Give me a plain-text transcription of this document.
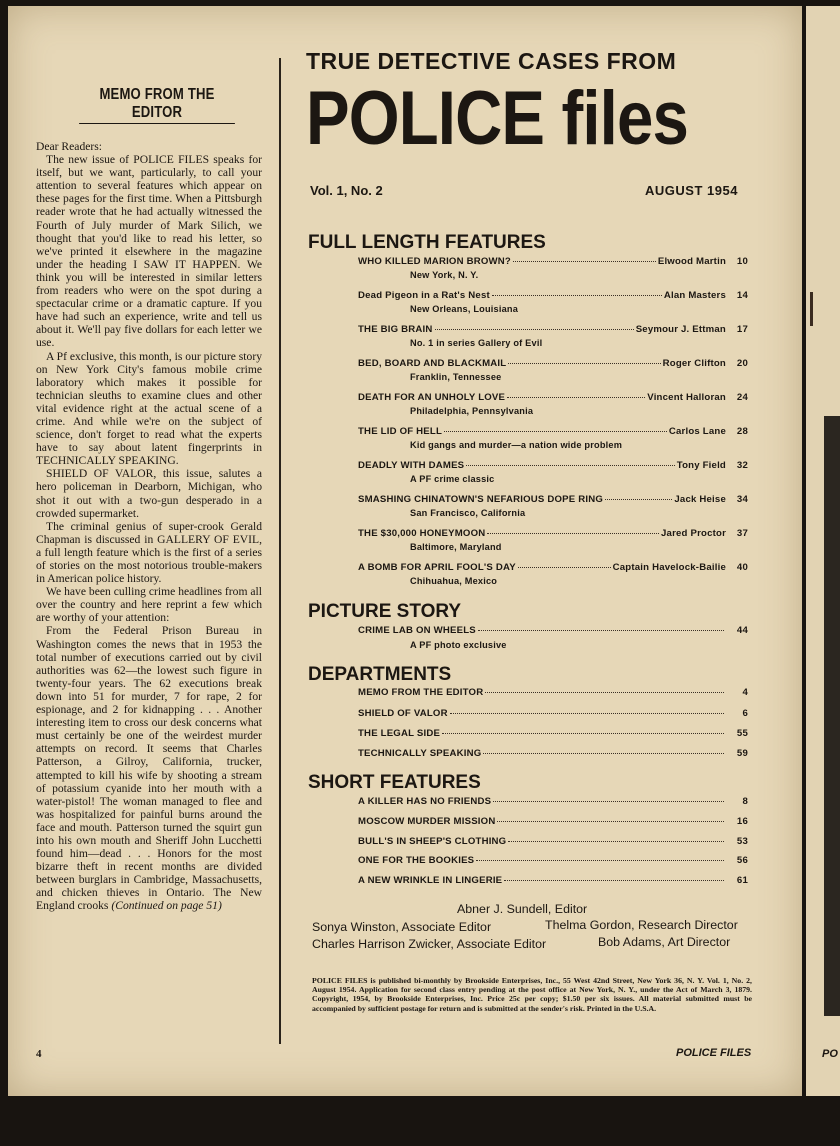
PO
MEMO FROM THE EDITOR

Dear Readers:

The new issue of POLICE FILES speaks for itself, but we want, particularly, to call your attention to several features which appear on these pages for the first time. When a Pittsburgh reader wrote that he had actually witnessed the Fourth of July murder of Mark Silich, we thought that you'd like to read his letter, so we've printed it elsewhere in the magazine under the heading I SAW IT HAPPEN. We think you will be interested in similar letters from readers who were on the spot during a spectacular crime or a dramatic capture. If you have had such an experience, write and tell us about it. We'll pay five dollars for each letter we use.

A Pf exclusive, this month, is our picture story on New York City's famous mobile crime laboratory which makes it possible for technician sleuths to examine clues and other vital evidence right at the actual scene of a crime. And while we're on the subject of science, don't forget to read what the experts have to say about latent fingerprints in TECHNICALLY SPEAKING.

SHIELD OF VALOR, this issue, salutes a hero policeman in Dearborn, Michigan, who shot it out with a two-gun desperado in a crowded supermarket.

The criminal genius of super-crook Gerald Chapman is discussed in GALLERY OF EVIL, a full length feature which is the first of a series of stories on the most notorious trouble-makers in American police history.

We have been culling crime headlines from all over the country and here reprint a few which are worthy of your attention:

From the Federal Prison Bureau in Washington comes the news that in 1953 the total number of executions carried out by civil authorities was 62—the lowest such figure in twenty-four years. The 62 executions break down into 51 for murder, 7 for rape, 2 for espionage, and 2 for kidnapping . . . Another interesting item to cross our desk concerns what must certainly be one of the weirdest murder attempts on record. It seems that Charles Patterson, a Gilroy, California, trucker, attempted to kill his wife by shooting a stream of potassium cyanide into her mouth with a water-pistol! The woman managed to flee and was hospitalized for painful burns around the face and mouth. Patterson turned the squirt gun into his own mouth and Sheriff John Lucchetti found him—dead . . . Honors for the most bizarre theft in recent months are divided between burglars in Cambridge, Massachusetts, and chicken thieves in Ontario. The New England crooks (Continued on page 51)

4
TRUE DETECTIVE CASES FROM
POLICE files
Vol. 1, No. 2	AUGUST 1954
FULL LENGTH FEATURES
WHO KILLED MARION BROWN?	Elwood Martin	10
New York, N. Y.
Dead Pigeon in a Rat's Nest	Alan Masters	14
New Orleans, Louisiana
THE BIG BRAIN	Seymour J. Ettman	17
No. 1 in series Gallery of Evil
BED, BOARD AND BLACKMAIL	Roger Clifton	20
Franklin, Tennessee
DEATH FOR AN UNHOLY LOVE	Vincent Halloran	24
Philadelphia, Pennsylvania
THE LID OF HELL	Carlos Lane	28
Kid gangs and murder—a nation wide problem
DEADLY WITH DAMES	Tony Field	32
A PF crime classic
SMASHING CHINATOWN'S NEFARIOUS DOPE RING	Jack Heise	34
San Francisco, California
THE $30,000 HONEYMOON	Jared Proctor	37
Baltimore, Maryland
A BOMB FOR APRIL FOOL'S DAY	Captain Havelock-Bailie	40
Chihuahua, Mexico
PICTURE STORY
CRIME LAB ON WHEELS	44
A PF photo exclusive
DEPARTMENTS
MEMO FROM THE EDITOR	4
SHIELD OF VALOR	6
THE LEGAL SIDE	55
TECHNICALLY SPEAKING	59
SHORT FEATURES
A KILLER HAS NO FRIENDS	8
MOSCOW MURDER MISSION	16
BULL'S IN SHEEP'S CLOTHING	53
ONE FOR THE BOOKIES	56
A NEW WRINKLE IN LINGERIE	61
Abner J. Sundell, Editor
Sonya Winston, Associate Editor	Thelma Gordon, Research Director
Charles Harrison Zwicker, Associate Editor	Bob Adams, Art Director
POLICE FILES is published bi-monthly by Brookside Enterprises, Inc., 55 West 42nd Street, New York 36, N. Y. Vol. 1, No. 2, August 1954. Application for second class entry pending at the post office at New York, N. Y., under the Act of March 3, 1879. Copyright, 1954, by Brookside Enterprises, Inc. Price 25c per copy; $1.50 per six issues. All material submitted must be accompanied by sufficient postage for return and is submitted at the sender's risk. Printed in the U.S.A.
POLICE FILES
